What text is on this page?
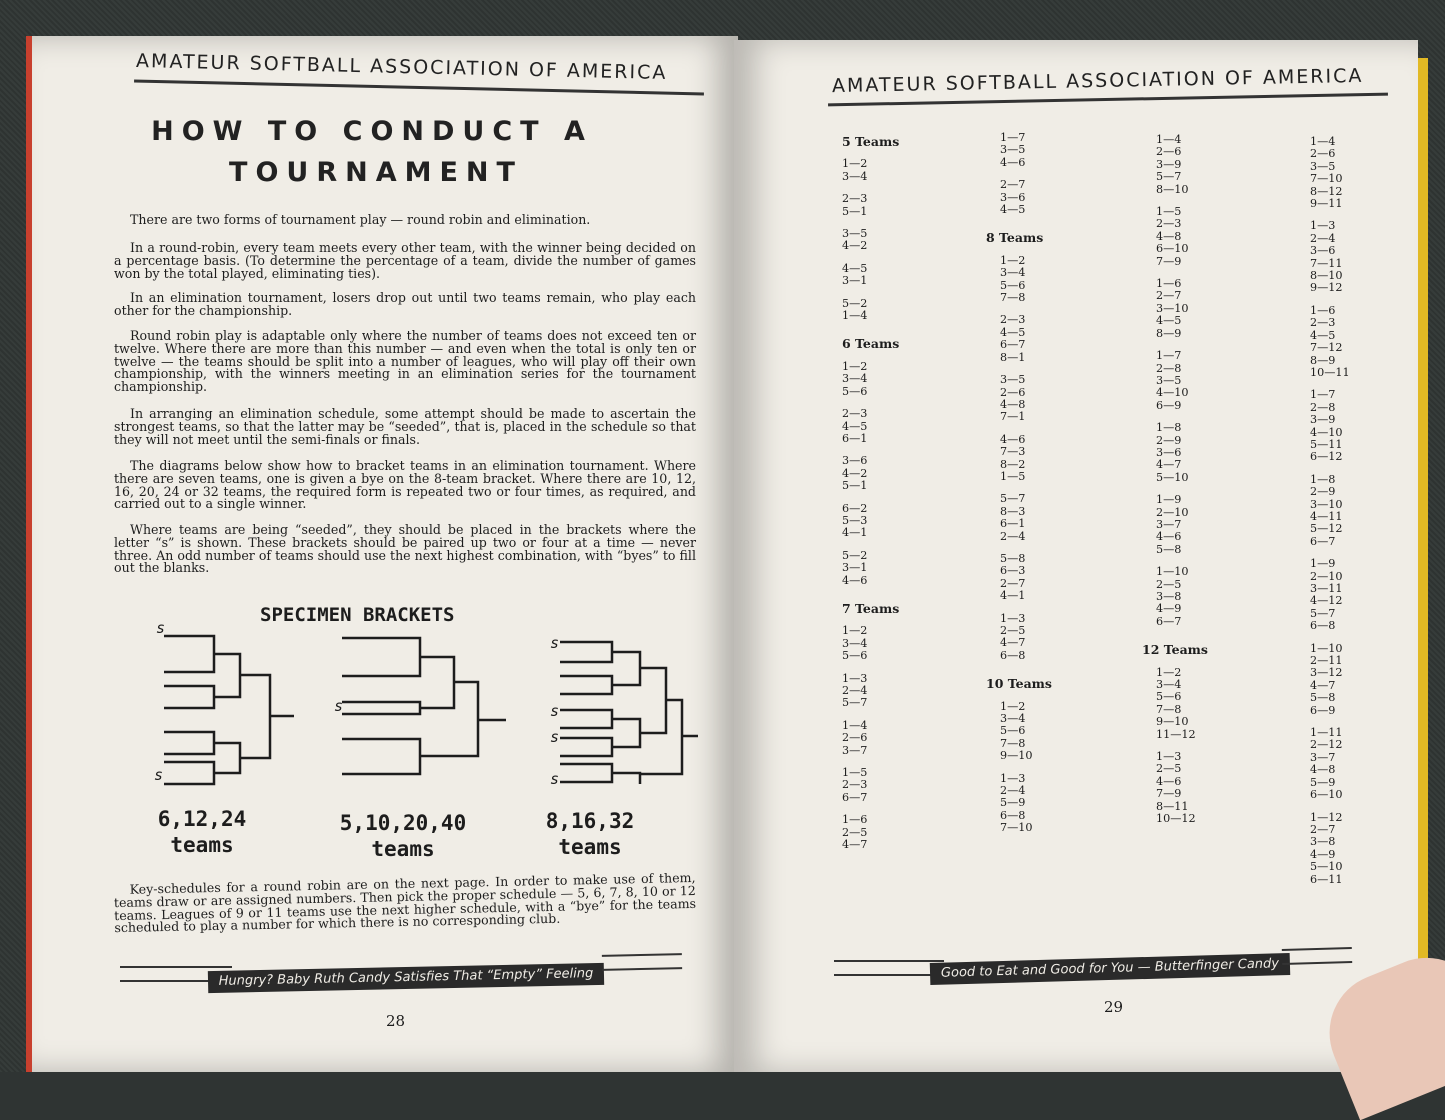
AMATEUR SOFTBALL ASSOCIATION OF AMERICA
HOW TO CONDUCT A
TOURNAMENT
There are two forms of tournament play — round robin and elimination.
In a round-robin, every team meets every other team, with the winner being decided on a percentage basis. (To determine the percentage of a team, divide the number of games won by the total played, eliminating ties).
In an elimination tournament, losers drop out until two teams remain, who play each other for the championship.
Round robin play is adaptable only where the number of teams does not exceed ten or twelve. Where there are more than this number — and even when the total is only ten or twelve — the teams should be split into a number of leagues, who will play off their own championship, with the winners meeting in an elimination series for the tournament championship.
In arranging an elimination schedule, some attempt should be made to ascertain the strongest teams, so that the latter may be “seeded”, that is, placed in the schedule so that they will not meet until the semi-finals or finals.
The diagrams below show how to bracket teams in an elimination tournament. Where there are seven teams, one is given a bye on the 8-team bracket. Where there are 10, 12, 16, 20, 24 or 32 teams, the required form is repeated two or four times, as required, and carried out to a single winner.
Where teams are being “seeded”, they should be placed in the brackets where the letter “s” is shown. These brackets should be paired up two or four at a time — never three. An odd number of teams should use the next highest combination, with “byes” to fill out the blanks.
SPECIMEN BRACKETS
s
s
s
s
s
s
s
6,12,24
teams
5,10,20,40
teams
8,16,32
teams
Key-schedules for a round robin are on the next page. In order to make use of them, teams draw or are assigned numbers. Then pick the proper schedule — 5, 6, 7, 8, 10 or 12 teams. Leagues of 9 or 11 teams use the next higher schedule, with a “bye” for the teams scheduled to play a number for which there is no corresponding club.
Hungry? Baby Ruth Candy Satisfies That “Empty” Feeling
28
AMATEUR SOFTBALL ASSOCIATION OF AMERICA
5 Teams
1—2
3—4
2—3
5—1
3—5
4—2
4—5
3—1
5—2
1—4
6 Teams
1—2
3—4
5—6
2—3
4—5
6—1
3—6
4—2
5—1
6—2
5—3
4—1
5—2
3—1
4—6
7 Teams
1—2
3—4
5—6
1—3
2—4
5—7
1—4
2—6
3—7
1—5
2—3
6—7
1—6
2—5
4—7
1—7
3—5
4—6
2—7
3—6
4—5
8 Teams
1—2
3—4
5—6
7—8
2—3
4—5
6—7
8—1
3—5
2—6
4—8
7—1
4—6
7—3
8—2
1—5
5—7
8—3
6—1
2—4
5—8
6—3
2—7
4—1
1—3
2—5
4—7
6—8
10 Teams
1—2
3—4
5—6
7—8
9—10
1—3
2—4
5—9
6—8
7—10
1—4
2—6
3—9
5—7
8—10
1—5
2—3
4—8
6—10
7—9
1—6
2—7
3—10
4—5
8—9
1—7
2—8
3—5
4—10
6—9
1—8
2—9
3—6
4—7
5—10
1—9
2—10
3—7
4—6
5—8
1—10
2—5
3—8
4—9
6—7
12 Teams
1—2
3—4
5—6
7—8
9—10
11—12
1—3
2—5
4—6
7—9
8—11
10—12
1—4
2—6
3—5
7—10
8—12
9—11
1—3
2—4
3—6
7—11
8—10
9—12
1—6
2—3
4—5
7—12
8—9
10—11
1—7
2—8
3—9
4—10
5—11
6—12
1—8
2—9
3—10
4—11
5—12
6—7
1—9
2—10
3—11
4—12
5—7
6—8
1—10
2—11
3—12
4—7
5—8
6—9
1—11
2—12
3—7
4—8
5—9
6—10
1—12
2—7
3—8
4—9
5—10
6—11
Good to Eat and Good for You — Butterfinger Candy
29
